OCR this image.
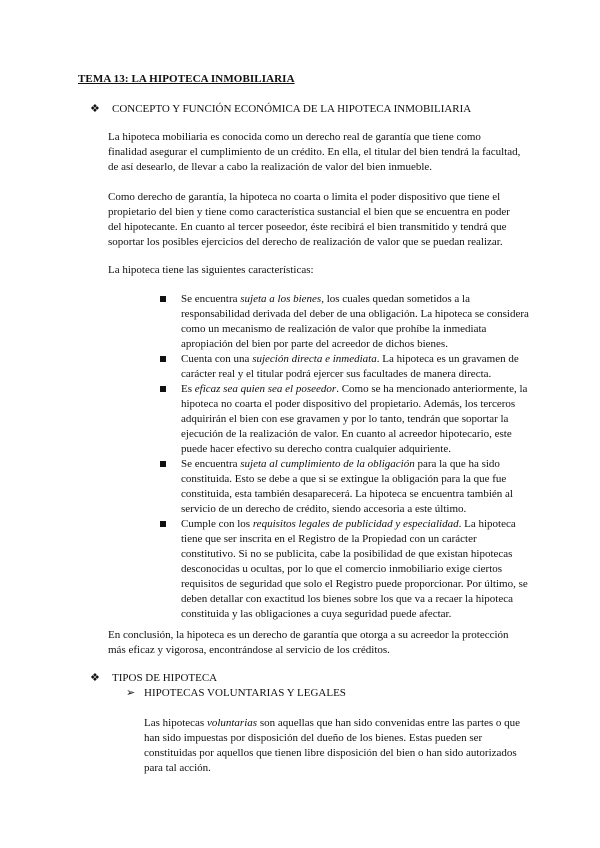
TEMA 13: LA HIPOTECA INMOBILIARIA
❖ CONCEPTO Y FUNCIÓN ECONÓMICA DE LA HIPOTECA INMOBILIARIA

La hipoteca mobiliaria es conocida como un derecho real de garantía que tiene como finalidad asegurar el cumplimiento de un crédito. En ella, el titular del bien tendrá la facultad, de así desearlo, de llevar a cabo la realización de valor del bien inmueble.

Como derecho de garantía, la hipoteca no coarta o limita el poder dispositivo que tiene el propietario del bien y tiene como característica sustancial el bien que se encuentra en poder del hipotecante. En cuanto al tercer poseedor, éste recibirá el bien transmitido y tendrá que soportar los posibles ejercicios del derecho de realización de valor que se puedan realizar.

La hipoteca tiene las siguientes características:

Se encuentra sujeta a los bienes, los cuales quedan sometidos a la responsabilidad derivada del deber de una obligación. La hipoteca se considera como un mecanismo de realización de valor que prohíbe la inmediata apropiación del bien por parte del acreedor de dichos bienes.
Cuenta con una sujeción directa e inmediata. La hipoteca es un gravamen de carácter real y el titular podrá ejercer sus facultades de manera directa.
Es eficaz sea quien sea el poseedor. Como se ha mencionado anteriormente, la hipoteca no coarta el poder dispositivo del propietario. Además, los terceros adquirirán el bien con ese gravamen y por lo tanto, tendrán que soportar la ejecución de la realización de valor. En cuanto al acreedor hipotecario, este puede hacer efectivo su derecho contra cualquier adquiriente.
Se encuentra sujeta al cumplimiento de la obligación para la que ha sido constituida. Esto se debe a que si se extingue la obligación para la que fue constituida, esta también desaparecerá. La hipoteca se encuentra también al servicio de un derecho de crédito, siendo accesoria a este último.
Cumple con los requisitos legales de publicidad y especialidad. La hipoteca tiene que ser inscrita en el Registro de la Propiedad con un carácter constitutivo. Si no se publicita, cabe la posibilidad de que existan hipotecas desconocidas u ocultas, por lo que el comercio inmobiliario exige ciertos requisitos de seguridad que solo el Registro puede proporcionar. Por último, se deben detallar con exactitud los bienes sobre los que va a recaer la hipoteca constituida y las obligaciones a cuya seguridad puede afectar.

En conclusión, la hipoteca es un derecho de garantía que otorga a su acreedor la protección más eficaz y vigorosa, encontrándose al servicio de los créditos.

❖ TIPOS DE HIPOTECA
➢ HIPOTECAS VOLUNTARIAS Y LEGALES

Las hipotecas voluntarias son aquellas que han sido convenidas entre las partes o que han sido impuestas por disposición del dueño de los bienes. Estas pueden ser constituidas por aquellos que tienen libre disposición del bien o han sido autorizados para tal acción.
